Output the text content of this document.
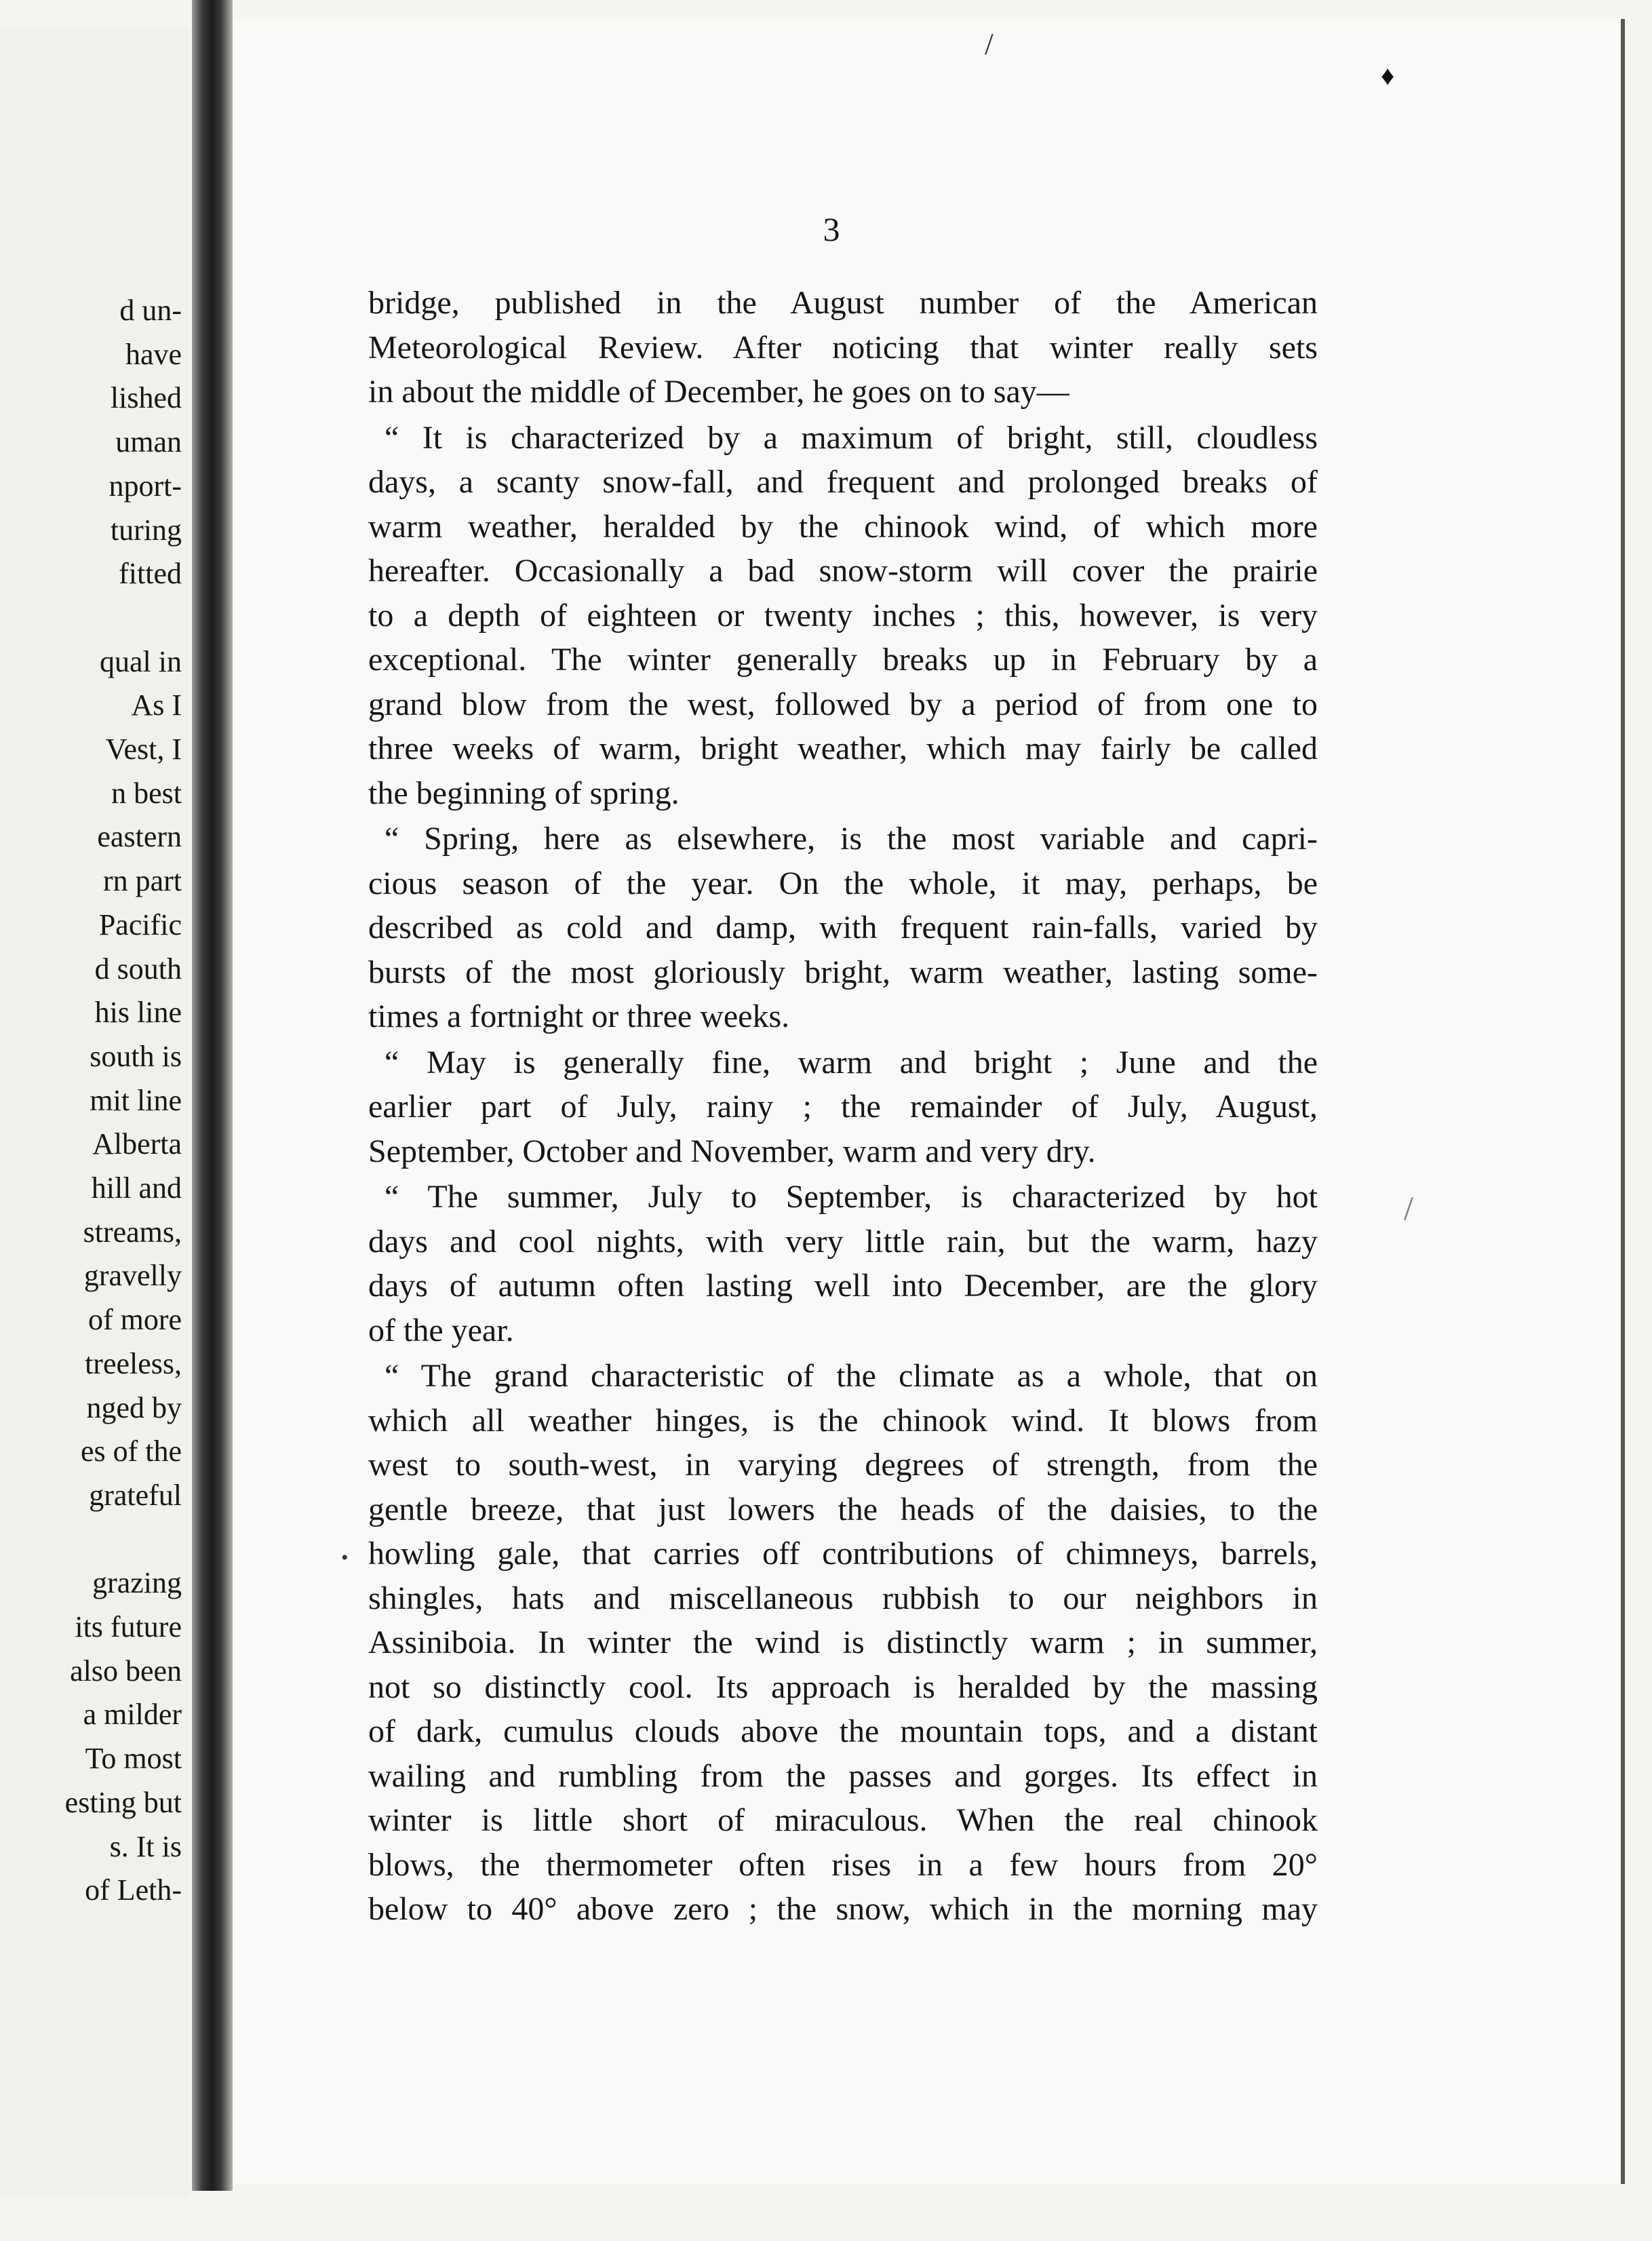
d un-
have
lished
uman
nport-
turing
fitted
qual in
As I
Vest, I
n best
eastern
rn part
Pacific
d south
his line
south is
mit line
Alberta
hill and
streams,
gravelly
of more
treeless,
nged by
es of the
grateful
grazing
its future
also been
a milder
To most
esting but
s. It is
of Leth-
/
♦
•
/
3
bridge, published in the August number of the American
Meteorological Review. After noticing that winter really sets
in about the middle of December, he goes on to say—
“ It is characterized by a maximum of bright, still, cloudless
days, a scanty snow-fall, and frequent and prolonged breaks of
warm weather, heralded by the chinook wind, of which more
hereafter. Occasionally a bad snow-storm will cover the prairie
to a depth of eighteen or twenty inches ; this, however, is very
exceptional. The winter generally breaks up in February by a
grand blow from the west, followed by a period of from one to
three weeks of warm, bright weather, which may fairly be called
the beginning of spring.
“ Spring, here as elsewhere, is the most variable and capri-
cious season of the year. On the whole, it may, perhaps, be
described as cold and damp, with frequent rain-falls, varied by
bursts of the most gloriously bright, warm weather, lasting some-
times a fortnight or three weeks.
“ May is generally fine, warm and bright ; June and the
earlier part of July, rainy ; the remainder of July, August,
September, October and November, warm and very dry.
“ The summer, July to September, is characterized by hot
days and cool nights, with very little rain, but the warm, hazy
days of autumn often lasting well into December, are the glory
of the year.
“ The grand characteristic of the climate as a whole, that on
which all weather hinges, is the chinook wind. It blows from
west to south-west, in varying degrees of strength, from the
gentle breeze, that just lowers the heads of the daisies, to the
howling gale, that carries off contributions of chimneys, barrels,
shingles, hats and miscellaneous rubbish to our neighbors in
Assiniboia. In winter the wind is distinctly warm ; in summer,
not so distinctly cool. Its approach is heralded by the massing
of dark, cumulus clouds above the mountain tops, and a distant
wailing and rumbling from the passes and gorges. Its effect in
winter is little short of miraculous. When the real chinook
blows, the thermometer often rises in a few hours from 20°
below to 40° above zero ; the snow, which in the morning may
